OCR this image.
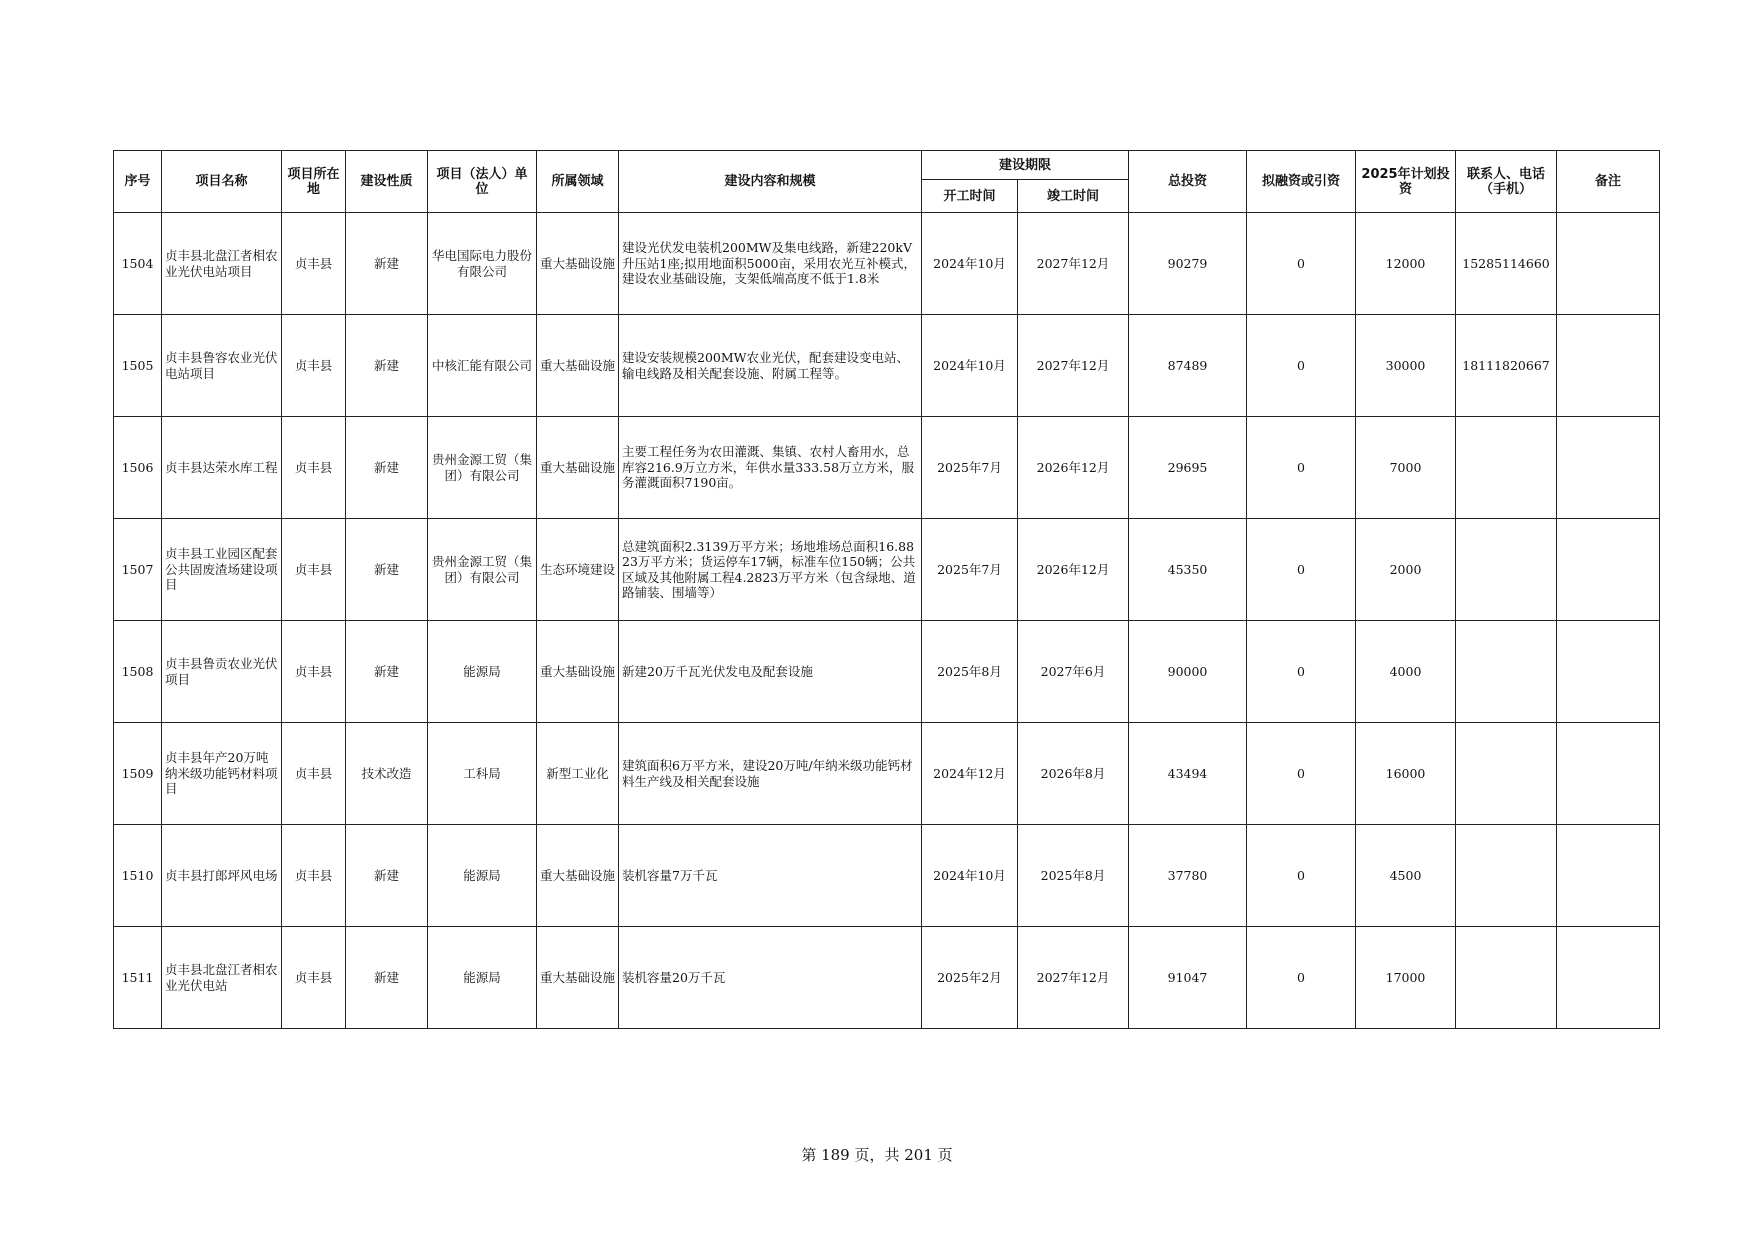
序号	项目名称	项目所在地	建设性质	项目（法人）单位	所属领域	建设内容和规模	建设期限		总投资	拟融资或引资	2025年计划投资	联系人、电话（手机）	备注
							开工时间	竣工时间					
1504	贞丰县北盘江者相农业光伏电站项目	贞丰县	新建	华电国际电力股份有限公司	重大基础设施	建设光伏发电装机200MW及集电线路，新建220kV升压站1座;拟用地面积5000亩，采用农光互补模式，建设农业基础设施，支架低端高度不低于1.8米	2024年10月	2027年12月	90279	0	12000	15285114660	
1505	贞丰县鲁容农业光伏电站项目	贞丰县	新建	中核汇能有限公司	重大基础设施	建设安装规模200MW农业光伏，配套建设变电站、输电线路及相关配套设施、附属工程等。	2024年10月	2027年12月	87489	0	30000	18111820667	
1506	贞丰县达荣水库工程	贞丰县	新建	贵州金源工贸（集团）有限公司	重大基础设施	主要工程任务为农田灌溉、集镇、农村人畜用水，总库容216.9万立方米，年供水量333.58万立方米，服务灌溉面积7190亩。	2025年7月	2026年12月	29695	0	7000		
1507	贞丰县工业园区配套公共固废渣场建设项目	贞丰县	新建	贵州金源工贸（集团）有限公司	生态环境建设	总建筑面积2.3139万平方米；场地堆场总面积16.8823万平方米；货运停车17辆，标准车位150辆；公共区域及其他附属工程4.2823万平方米（包含绿地、道路铺装、围墙等）	2025年7月	2026年12月	45350	0	2000		
1508	贞丰县鲁贡农业光伏项目	贞丰县	新建	能源局	重大基础设施	新建20万千瓦光伏发电及配套设施	2025年8月	2027年6月	90000	0	4000		
1509	贞丰县年产20万吨纳米级功能钙材料项目	贞丰县	技术改造	工科局	新型工业化	建筑面积6万平方米，建设20万吨/年纳米级功能钙材料生产线及相关配套设施	2024年12月	2026年8月	43494	0	16000		
1510	贞丰县打郎坪风电场	贞丰县	新建	能源局	重大基础设施	装机容量7万千瓦	2024年10月	2025年8月	37780	0	4500		
1511	贞丰县北盘江者相农业光伏电站	贞丰县	新建	能源局	重大基础设施	装机容量20万千瓦	2025年2月	2027年12月	91047	0	17000		
第 189 页，共 201 页
